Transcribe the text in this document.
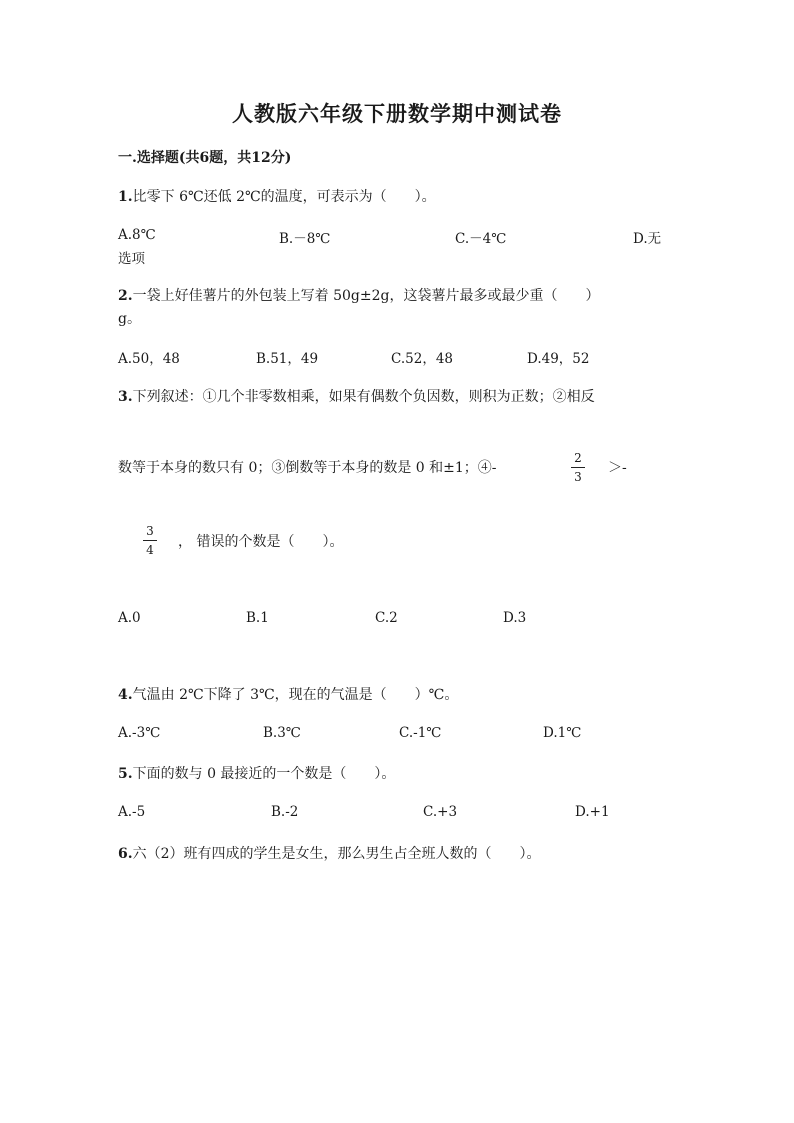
人教版六年级下册数学期中测试卷
一.选择题(共6题，共12分)
1.比零下 6℃还低 2℃的温度，可表示为（　　）。
A.8℃	B.－8℃	C.－4℃	D.无
选项
2.一袋上好佳薯片的外包装上写着 50g±2g，这袋薯片最多或最少重（　　）
g。
A.50，48	B.51，49	C.52，48	D.49，52
3.下列叙述：①几个非零数相乘，如果有偶数个负因数，则积为正数；②相反
数等于本身的数只有 0；③倒数等于本身的数是 0 和±1；④-
2
3
＞-
3
4 ， 错误的个数是（　　）。
A.0	B.1	C.2	D.3
4.气温由 2℃下降了 3℃，现在的气温是（　　）℃。
A.-3℃	B.3℃	C.-1℃	D.1℃
5.下面的数与 0 最接近的一个数是（　　）。
A.-5	B.-2	C.+3	D.+1
6.六（2）班有四成的学生是女生，那么男生占全班人数的（　　）。
